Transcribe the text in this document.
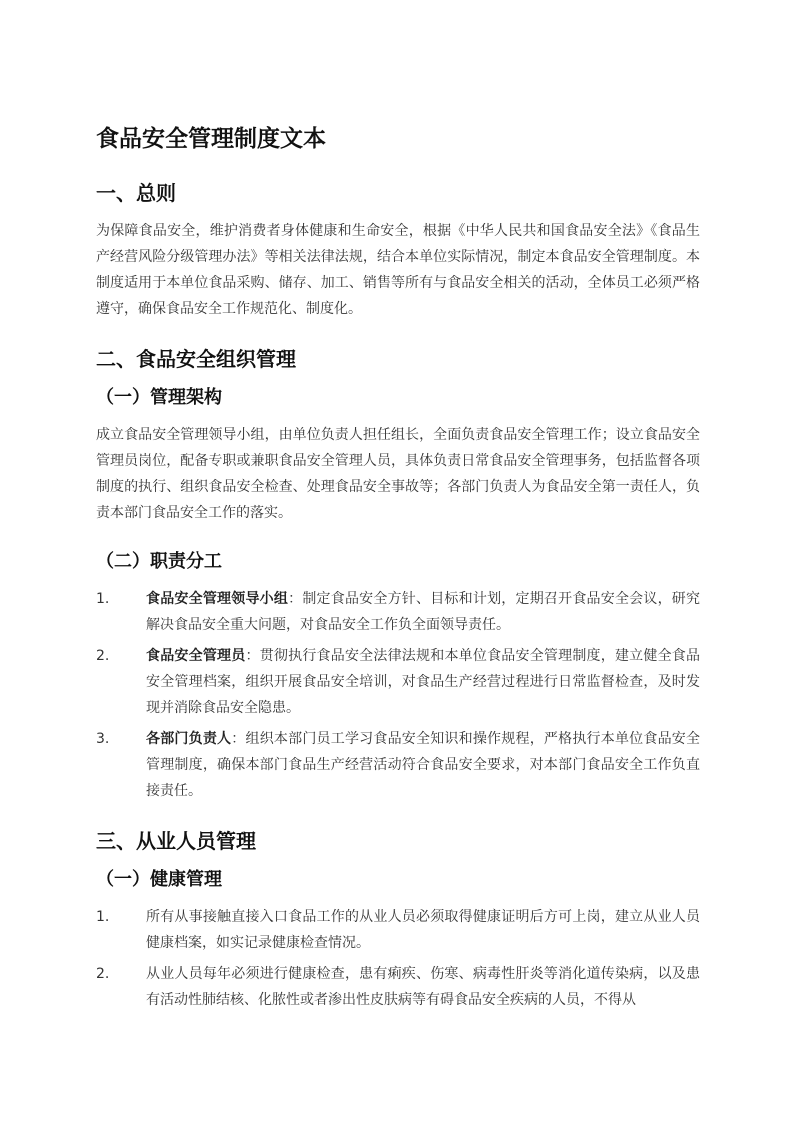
食品安全管理制度文本
一、总则

为保障食品安全，维护消费者身体健康和生命安全，根据《中华人民共和国食品安全法》《食品生产经营风险分级管理办法》等相关法律法规，结合本单位实际情况，制定本食品安全管理制度。本制度适用于本单位食品采购、储存、加工、销售等所有与食品安全相关的活动，全体员工必须严格遵守，确保食品安全工作规范化、制度化。

二、食品安全组织管理
（一）管理架构

成立食品安全管理领导小组，由单位负责人担任组长，全面负责食品安全管理工作；设立食品安全管理员岗位，配备专职或兼职食品安全管理人员，具体负责日常食品安全管理事务，包括监督各项制度的执行、组织食品安全检查、处理食品安全事故等；各部门负责人为食品安全第一责任人，负责本部门食品安全工作的落实。

（二）职责分工
1.	食品安全管理领导小组：制定食品安全方针、目标和计划，定期召开食品安全会议，研究解决食品安全重大问题，对食品安全工作负全面领导责任。
2.	食品安全管理员：贯彻执行食品安全法律法规和本单位食品安全管理制度，建立健全食品安全管理档案，组织开展食品安全培训，对食品生产经营过程进行日常监督检查，及时发现并消除食品安全隐患。
3.	各部门负责人：组织本部门员工学习食品安全知识和操作规程，严格执行本单位食品安全管理制度，确保本部门食品生产经营活动符合食品安全要求，对本部门食品安全工作负直接责任。
三、从业人员管理
（一）健康管理
1.	所有从事接触直接入口食品工作的从业人员必须取得健康证明后方可上岗，建立从业人员健康档案，如实记录健康检查情况。
2.	从业人员每年必须进行健康检查，患有痢疾、伤寒、病毒性肝炎等消化道传染病，以及患有活动性肺结核、化脓性或者渗出性皮肤病等有碍食品安全疾病的人员，不得从
